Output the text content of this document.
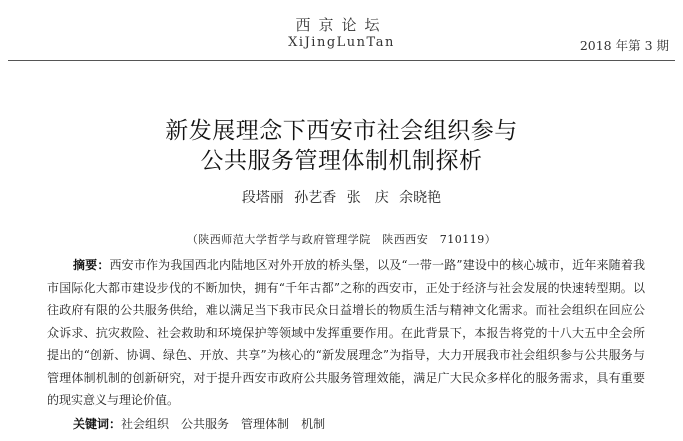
西京论坛
XiJingLunTan	2018 年第 3 期
新发展理念下西安市社会组织参与
公共服务管理体制机制探析
段塔丽 孙艺香 张　庆 余晓艳
（陕西师范大学哲学与政府管理学院　陕西西安　710119）

摘要：西安市作为我国西北内陆地区对外开放的桥头堡，以及“一带一路”建设中的核心城市，近年来随着我市国际化大都市建设步伐的不断加快，拥有“千年古都”之称的西安市，正处于经济与社会发展的快速转型期。以往政府有限的公共服务供给，难以满足当下我市民众日益增长的物质生活与精神文化需求。而社会组织在回应公众诉求、抗灾救险、社会救助和环境保护等领域中发挥重要作用。在此背景下，本报告将党的十八大五中全会所提出的“创新、协调、绿色、开放、共享”为核心的“新发展理念”为指导，大力开展我市社会组织参与公共服务与管理体制机制的创新研究，对于提升西安市政府公共服务管理效能，满足广大民众多样化的服务需求，具有重要的现实意义与理论价值。

关键词：社会组织 公共服务 管理体制 机制
